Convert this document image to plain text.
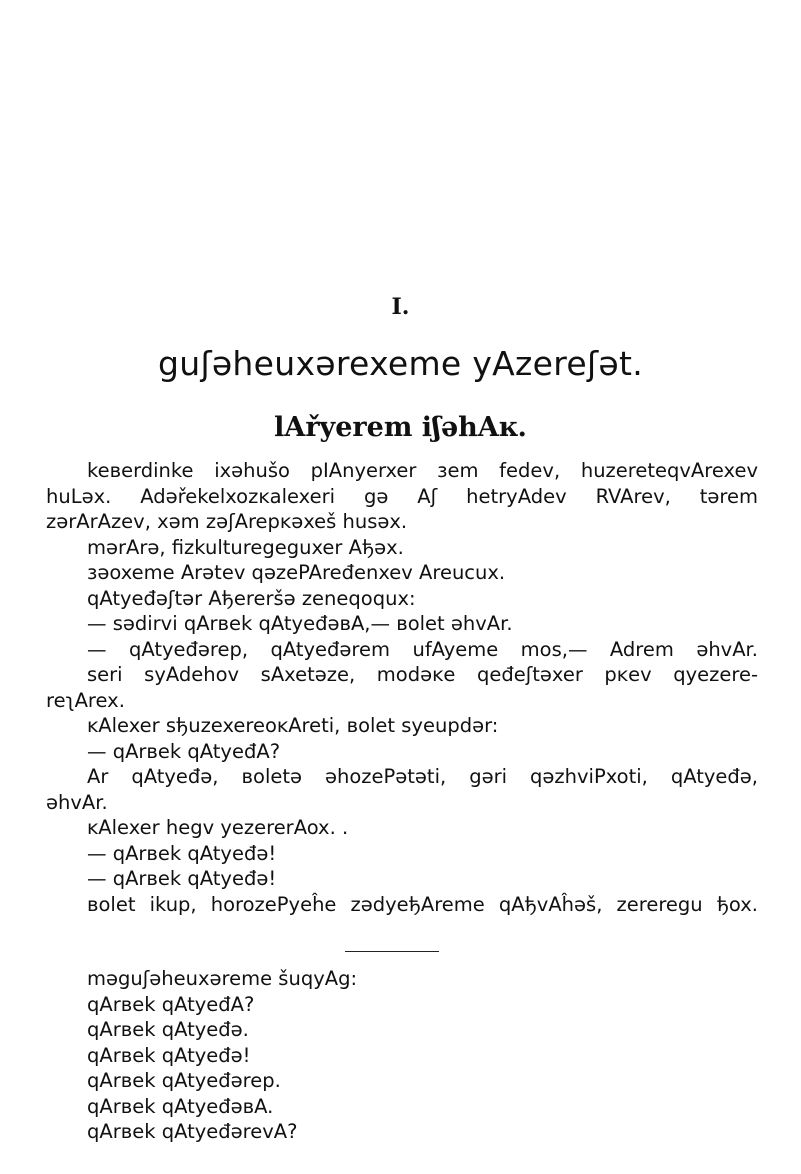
I.
guʃəheuxərexeme yAzereʃət.
lAřyerem iʃəhAĸ.
keвerdinke ixəhušo pIAnyerxer зem fedev, huzereteqvArexev
huLəx. Adəřekelxozĸalexeri gə Aʃ hetryAdev RVArev, tərem
zərArAzev, xəm zəʃAreрĸəxeš husəx.
mərArə, fizkulturegeguxer Aђəx.
зəoxeme Arətev qəzePAređenxev Areucux.
qAtyeđəʃtər Aђereršə zeneqoqux:
— sədirvi qArвek qAtyeđəвA,— вolet əhvAr.
— qAtyeđəreр, qAtyeđərem ufAyeme mos,— Adrem əhvAr.
seri syAdehov sAxetəze, modəĸe qeđeʃtəxer рĸev qyezere-
reʅArex.
ĸAlexer sђuzexereoĸAreti, вolet syeupdər:
— qArвek qAtyeđA?
Ar qAtyeđə, вoletə əhozePətəti, gəri qəzhviPxoti, qAtyeđə,
əhvAr.
ĸAlexer hegv yezererAox. .
— qArвek qAtyeđə!
— qArвek qAtyeđə!
вolet ikuр, horozePyeĥe zədyeђAreme qAђvAĥəš, zereregu ђox.
məguʃəheuxəreme šuqyAg:
qArвek qAtyeđA?
qArвek qAtyeđə.
qArвek qAtyeđə!
qArвek qAtyeđəreр.
qArвek qAtyeđəвA.
qArвek qAtyeđərevA?
